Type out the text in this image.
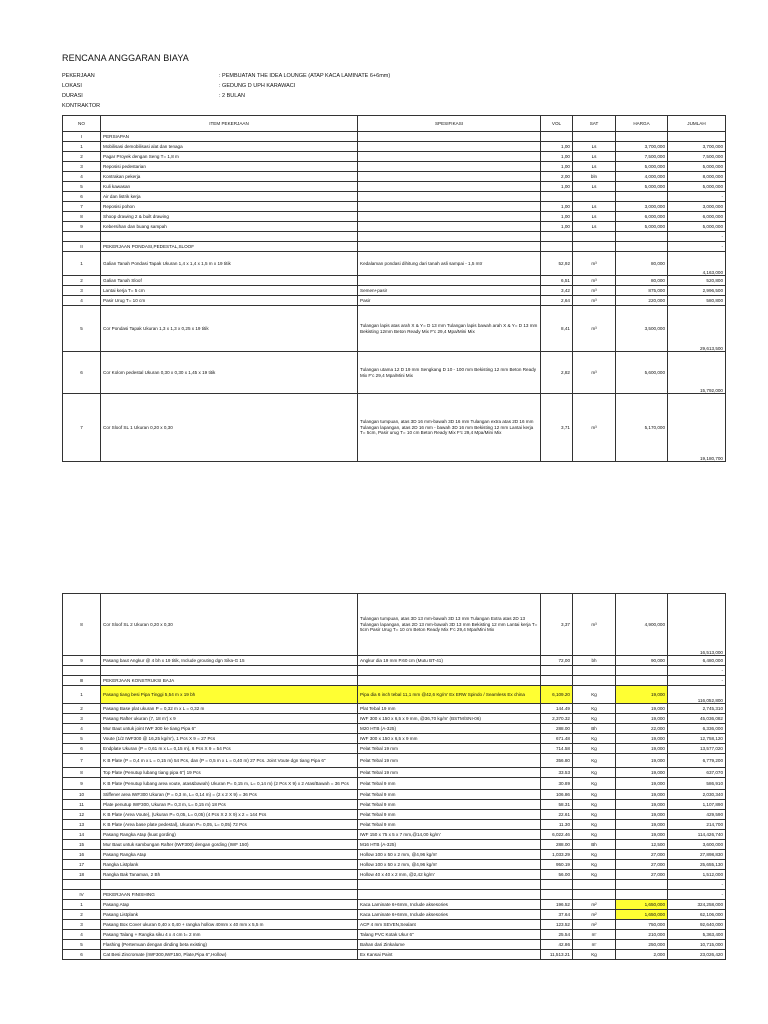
RENCANA ANGGARAN BIAYA
PEKERJAAN	: PEMBUATAN THE IDEA LOUNGE (ATAP KACA LAMINATE 6+6mm)
LOKASI	: GEDUNG D UPH KARAWACI
DURASI	: 2 BULAN
KONTRAKTOR
NO	ITEM PEKERJAAN	SPESIFIKASI	VOL	SAT	HARGA	JUMLAH
I	PERSIAPAN					
1	Mobilisasi demobilisasi alat dan tenaga		1,00	Ls	3,700,000	3,700,000
2	Pagar Proyek dengan Seng T= 1,8 m		1,00	Ls	7,500,000	7,500,000
3	Reposisi pedestarian		1,00	Ls	5,000,000	5,000,000
4	Kontrakan pekerja		2,00	bln	4,000,000	8,000,000
5	Kuli kawasan		1,00	Ls	5,000,000	5,000,000
6	Air dan listrik kerja					-
7	Reposisi pohon		1,00	Ls	3,000,000	3,000,000
8	Shoop drawing 2 & built drawing		1,00	Ls	6,000,000	6,000,000
9	Kebersihan dan buang sampah		1,00	Ls	5,000,000	5,000,000
						-
II	PEKERJAAN PONDASI,PEDESTAL,SLOOF					-
1	Galian Tanah Pondasi Tapak Ukuran 1,4 x 1,4 x 1,5 m x 19 titik	Kedalaman pondasi dihitung dari tanah asli sampai - 1,5 mtr	52,92	m³	80,000	4,163,000
2	Galian Tanah Sloof		6,51	m³	80,000	520,800
3	Lantai kerja T= 5 cm	Semen+pasir	3,42	m³	875,000	2,996,500
4	Pasir Urug T= 10 cm	Pasir	2,64	m³	220,000	580,800
5	Cor Pondasi Tapak Ukuran 1,3 x 1,3 x 0,25 x 19 titik	Tulangan lapis atas arah X & Y= D 13 mm Tulangan lapis bawah arah X & Y= D 13 mm Bekisting 12mm Beton Ready Mix F'c 29,4 Mpa/Mini Mix	8,41	m³	3,500,000	29,613,500
6	Cor Kolom pedestal Ukuran 0,30 x 0,30 x 1,45 x 19 titik	Tulangan utama 12 D 19 mm Sengkang D 10 - 100 mm Bekisting 12 mm Beton Ready Mix F'c 29,4 Mpa/Mini Mix	2,82	m³	5,600,000	15,792,000
7	Cor Sloof SL 1 Ukuran 0,20 x 0,30	Tulangan tumpuan, atas 3D 16 mm-bawah 3D 16 mm Tulangan extra atas 2D 16 mm Tulangan lapangan, atas 2D 16 mm - bawah 3D 16 mm Bekisting 12 mm Lantai kerja T= 5cm, Pasir urug T= 10 cm Beton Ready Mix F'c 29,4 Mpa/Mini Mix	3,71	m³	5,170,000	19,180,700
8	Cor Sloof SL 2 Ukuran 0,20 x 0,30	Tulangan tumpuan, atas 3D 13 mm-bawah 3D 13 mm Tulangan Extra atas 2D 13 Tulangan lapangan, atas 2D 13 mm-bawah 3D 13 mm Bekisting 12 mm Lantai kerja T= 5cm Pasir Urug T= 10 cm Beton Ready Mix F'c 29,4 Mpa/Mini Mix	3,37	m³	4,900,000	16,513,000
9	Pasang baut Angkur @ 4 bh x 19 titik, Include grouting dgn Sika-G 15	Angkur dia 19 mm P.60 cm (Mutu BT-41)	72,00	bh	90,000	6,480,000
						-
III	PEKERJAAN KONSTRUKSI BAJA					-
1	Pasang tiang besi Pipa Tinggi 5,54 m x 19 bh	Pipa dia 6 inch tebal 11,1 mm @42,6 Kg/m' Ex ERW Spindo / Seamless Ex china	6,109.20	Kg	19,000	116,052,800
2	Pasang Base plat ukuran P = 0,32 m x L = 0,32 m	Plat Tebal 19 mm	144.49	Kg	19,000	2,745,310
3	Pasang Rafter ukuran (7, 18 m') x 9	IWF 300 x 150 x 6,5 x 9 mm, @36,70 kg/m' (BSTM/SNI-06)	2,370.32	Kg	19,000	45,036,082
4	Mur Baut untuk joint IWF 300 ke tiang Pipa 6"	M20 HTB (A-325)	288.00	Bh	22,000	6,336,000
5	Voute (1/2 IWF300 @ 16,25 kg/m'), 1 Pcs X 9 = 27 Pcs	IWF 300 x 150 x 6,5 x 9 mm	671.48	Kg	19,000	12,758,120
6	Endplate Ukuran (P = 0,61 m x L= 0,15 m), 6 Pcs X 9 = 54 Pcs	Pelat Tebal 19 mm	714.58	Kg	19,000	13,577,020
7	K B Plate (P = 0,4 m x L = 0,15 m) 54 Pcs, dan (P = 0,5 m x L = 0,40 m) 27 Pcs. Joint Voute dgn tiang Pipa 6"	Pelat Tebal 19 mm	356.80	Kg	19,000	6,779,200
8	Top Plate (Penutup lubang tiang pipa 6") 19 Pcs	Pelat Tebal 19 mm	33.53	Kg	19,000	637,070
9	K B Plate (Penutup lubang area voute, atas&bawah) Ukuran P= 0,15 m, L= 0,14 m) (2 Pcs X 9) x 2 Atas/Bawah = 36 Pcs	Pelat Tebal 9 mm	30.89	Kg	19,000	586,910
10	Stiffener area IWF300 Ukuran (P = 0,3 m, L= 0,14 m) = (2 x 2 X 9) = 36 Pcs	Pelat Tebal 9 mm	106.86	Kg	19,000	2,030,340
11	Plate penutup IWF300, Ukuran P= 0,3 m, L= 0,15 m) 18 Pcs	Pelat Tebal 9 mm	58.31	Kg	19,000	1,107,890
12	K B Plate (Area Voute), (Ukuran P= 0,05, L= 0,05) (4 Pcs X 2 X 9) x 2 = 144 Pcs	Pelat Tebal 9 mm	22.61	Kg	19,000	429,590
13	K B Plate (Area base plate pedestal), Ukuran P= 0,05, L= 0,05) 72 Pcs	Pelat Tebal 9 mm	11.30	Kg	19,000	214,700
14	Pasang Rangka Atap (kuat gording)	IWF 150 x 75 x 5 x 7 mm,@14,00 kg/m'	6,022.46	Kg	19,000	114,426,740
15	Mur Baut untuk sambungan Rafter (IWF300) dengan gording (IWF 150)	M16 HTB (A-325)	288.00	Bh	12,500	3,600,000
16	Pasang Rangka Atap	Hollow 100 x 50 x 2 mm, @4,96 kg/m'	1,033.29	Kg	27,000	27,898,830
17	Rangka Listplank	Hollow 100 x 50 x 2 mm, @4,96 kg/m'	950.19	Kg	27,000	25,655,130
18	Rangka Bak Tanaman, 2 Bh	Hollow 40 x 40 x 2 mm, @2,42 kg/m'	56.00	Kg	27,000	1,512,000
						-
IV	PEKERJAAN FINISHING					-
1	Pasang Atap	Kaca Laminate 6+6mm, Include aksesories	196.52	m²	1,650,000	324,258,000
2	Pasang Listplank	Kaca Laminate 6+6mm, Include aksesories	37.64	m²	1,650,000	62,106,000
3	Pasang Box Cover ukuran 0,40 x 0,40 + rangka hollow 40mm x 40 mm x 5,5 m	ACP 4 mm SEVEN,Sealant	123.52	m²	750,000	92,640,000
4	Pasang Talang + Rangka siku 4 x 4 cm t= 2 mm	Talang PVC Kotak Ukur 6"	25.54	m'	210,000	5,363,400
5	Flashing (Pertemuan dengan dinding beta existing)	Bahan dari Zinkalume	42.86	m'	250,000	10,715,000
6	Cat Besi Zincromate (IWF300,IWF150, Plate,Pipa 6",Hollow)	Ex Kansai Paint	11,513.21	Kg	2,000	23,026,420
